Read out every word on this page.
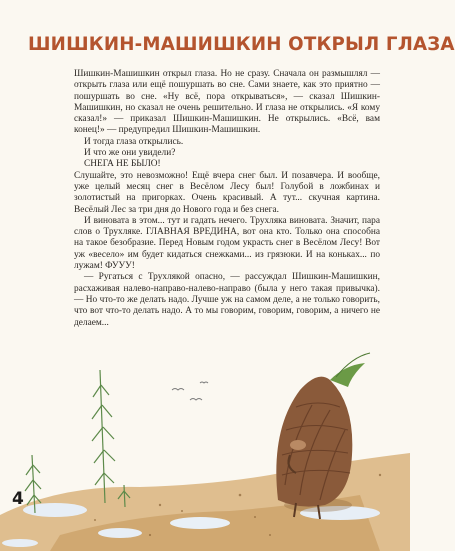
ШИШКИН-МАШИШКИН ОТКРЫЛ ГЛАЗА

Шишкин-Машишкин открыл глаза. Но не сразу. Сначала он размышлял — открыть глаза или ещё пошуршать во сне. Сами знаете, как это приятно — пошуршать во сне. «Ну всё, пора открываться», — сказал Шишкин-Машишкин, но сказал не очень решительно. И глаза не открылись. «Я кому сказал!» — приказал Шишкин-Машишкин. Не открылись. «Всё, вам конец!» — предупредил Шишкин-Машишкин.

И тогда глаза открылись.

И что же они увидели?

СНЕГА НЕ БЫЛО!

Слушайте, это невозможно! Ещё вчера снег был. И позавчера. И вообще, уже целый месяц снег в Весёлом Лесу был! Голубой в ложбинах и золотистый на пригорках. Очень красивый. А тут... скучная картина. Весёлый Лес за три дня до Нового года и без снега.

И виновата в этом... тут и гадать нечего. Трухляка виновата. Значит, пара слов о Трухляке. ГЛАВНАЯ ВРЕДИНА, вот она кто. Только она способна на такое безобразие. Перед Новым годом украсть снег в Весёлом Лесу! Вот уж «весело» им будет кидаться снежками... из грязюки. И на коньках... по лужам! ФУУУ!

— Ругаться с Трухлякой опасно, — рассуждал Шишкин-Машишкин, расхаживая налево-направо-налево-направо (была у него такая привычка). — Но что-то же делать надо. Лучше уж на самом деле, а не только говорить, что вот что-то делать надо. А то мы говорим, говорим, говорим, а ничего не делаем...

4
